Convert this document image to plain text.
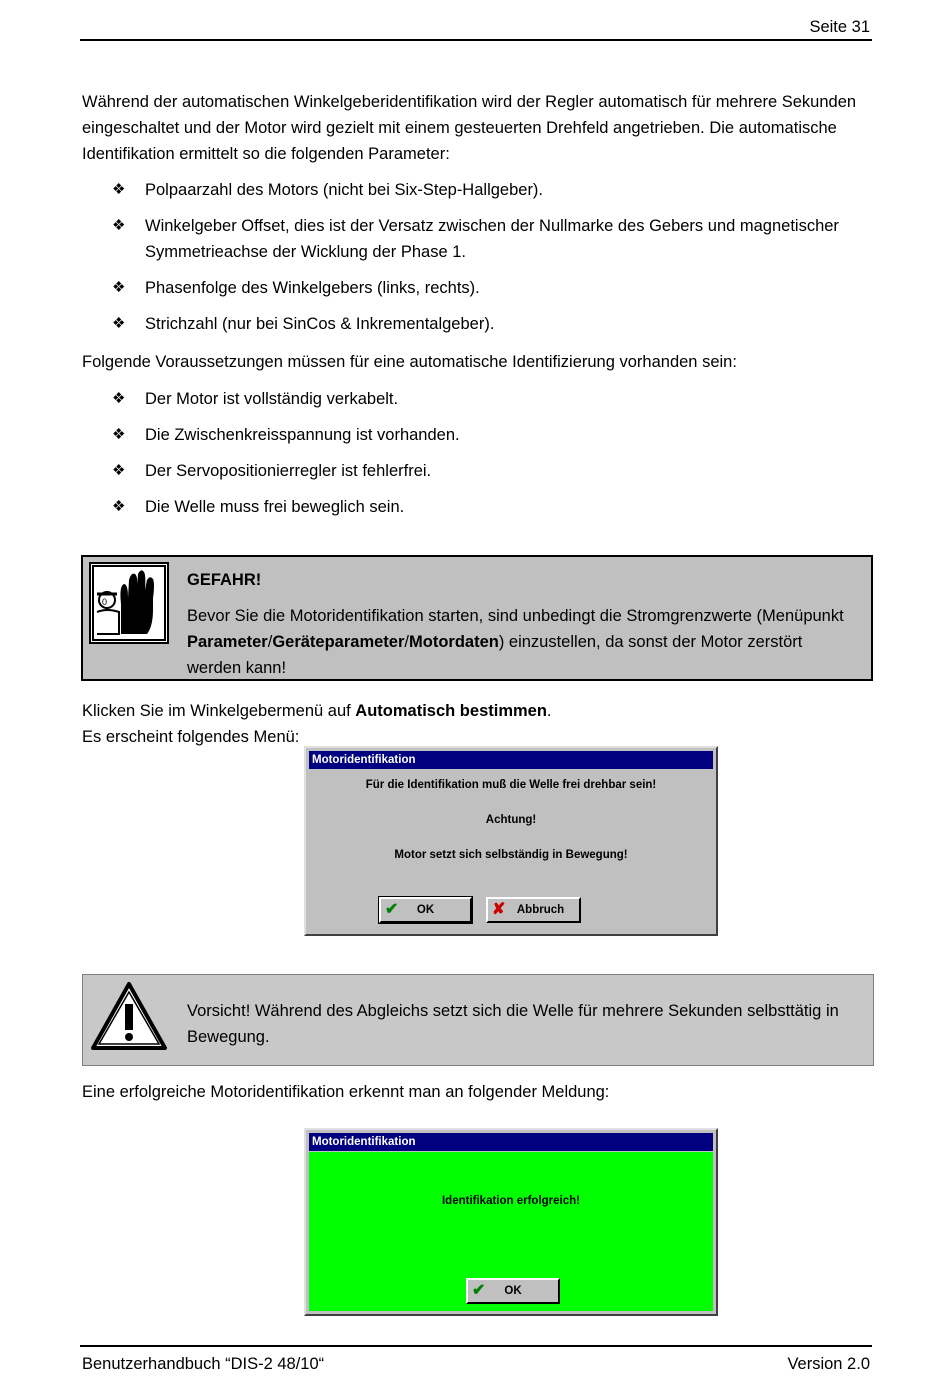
Seite 31
Während der automatischen Winkelgeberidentifikation wird der Regler automatisch für mehrere Sekunden eingeschaltet und der Motor wird gezielt mit einem gesteuerten Drehfeld angetrieben. Die automatische Identifikation ermittelt so die folgenden Parameter:
❖ Polpaarzahl des Motors (nicht bei Six-Step-Hallgeber).
❖ Winkelgeber Offset, dies ist der Versatz zwischen der Nullmarke des Gebers und magnetischer Symmetrieachse der Wicklung der Phase 1.
❖ Phasenfolge des Winkelgebers (links, rechts).
❖ Strichzahl (nur bei SinCos & Inkrementalgeber).
Folgende Voraussetzungen müssen für eine automatische Identifizierung vorhanden sein:
❖ Der Motor ist vollständig verkabelt.
❖ Die Zwischenkreisspannung ist vorhanden.
❖ Der Servopositionierregler ist fehlerfrei.
❖ Die Welle muss frei beweglich sein.
0
GEFAHR!
Bevor Sie die Motoridentifikation starten, sind unbedingt die Stromgrenzwerte (Menüpunkt Parameter/Geräteparameter/Motordaten) einzustellen, da sonst der Motor zerstört werden kann!
Klicken Sie im Winkelgebermenü auf Automatisch bestimmen.
Es erscheint folgendes Menü:
Motoridentifikation
Für die Identifikation muß die Welle frei drehbar sein!
Achtung!
Motor setzt sich selbständig in Bewegung!
✔	OK	✘ Abbruch
Vorsicht! Während des Abgleichs setzt sich die Welle für mehrere Sekunden selbsttätig in Bewegung.
Eine erfolgreiche Motoridentifikation erkennt man an folgender Meldung:
Motoridentifikation
Identifikation erfolgreich!
✔	OK
Benutzerhandbuch “DIS-2 48/10“	Version 2.0
